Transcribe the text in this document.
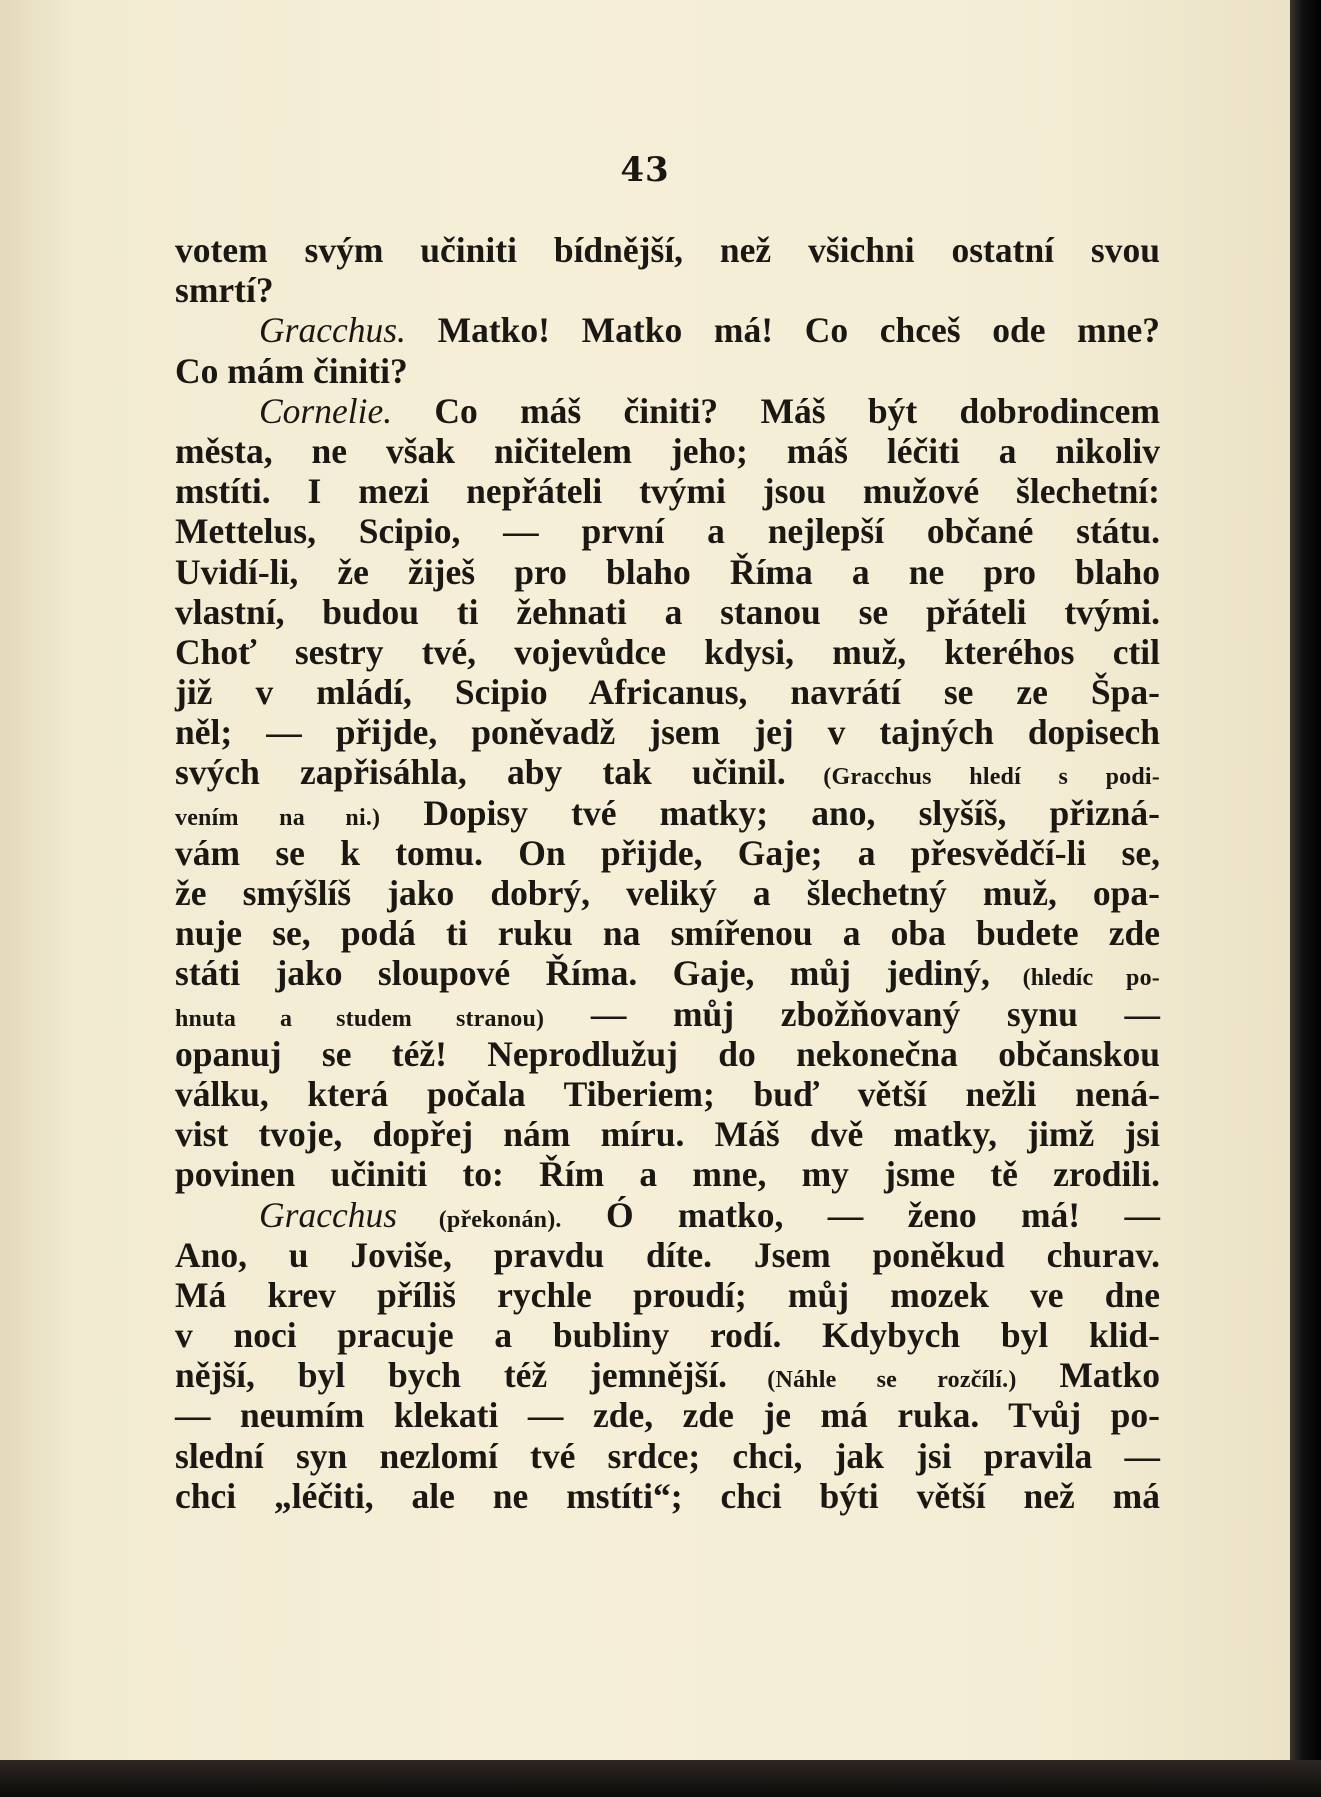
43
votem svým učiniti bídnější, než všichni ostatní svou
smrtí?
Gracchus. Matko! Matko má! Co chceš ode mne?
Co mám činiti?
Cornelie. Co máš činiti? Máš být dobrodincem
města, ne však ničitelem jeho; máš léčiti a nikoliv
mstíti. I mezi nepřáteli tvými jsou mužové šlechetní:
Mettelus, Scipio, — první a nejlepší občané státu.
Uvidí-li, že žiješ pro blaho Říma a ne pro blaho
vlastní, budou ti žehnati a stanou se přáteli tvými.
Choť sestry tvé, vojevůdce kdysi, muž, kteréhos ctil
již v mládí, Scipio Africanus, navrátí se ze Špa-
něl; — přijde, poněvadž jsem jej v tajných dopisech
svých zapřisáhla, aby tak učinil. (Gracchus hledí s podi-
vením na ni.) Dopisy tvé matky; ano, slyšíš, přizná-
vám se k tomu. On přijde, Gaje; a přesvědčí-li se,
že smýšlíš jako dobrý, veliký a šlechetný muž, opa-
nuje se, podá ti ruku na smířenou a oba budete zde
státi jako sloupové Říma. Gaje, můj jediný, (hledíc po-
hnuta a studem stranou) — můj zbožňovaný synu —
opanuj se též! Neprodlužuj do nekonečna občanskou
válku, která počala Tiberiem; buď větší nežli nená-
vist tvoje, dopřej nám míru. Máš dvě matky, jimž jsi
povinen učiniti to: Řím a mne, my jsme tě zrodili.
Gracchus (překonán). Ó matko, — ženo má! —
Ano, u Joviše, pravdu díte. Jsem poněkud churav.
Má krev příliš rychle proudí; můj mozek ve dne
v noci pracuje a bubliny rodí. Kdybych byl klid-
nější, byl bych též jemnější. (Náhle se rozčílí.) Matko
— neumím klekati — zde, zde je má ruka. Tvůj po-
slední syn nezlomí tvé srdce; chci, jak jsi pravila —
chci „léčiti, ale ne mstíti“; chci býti větší než má
